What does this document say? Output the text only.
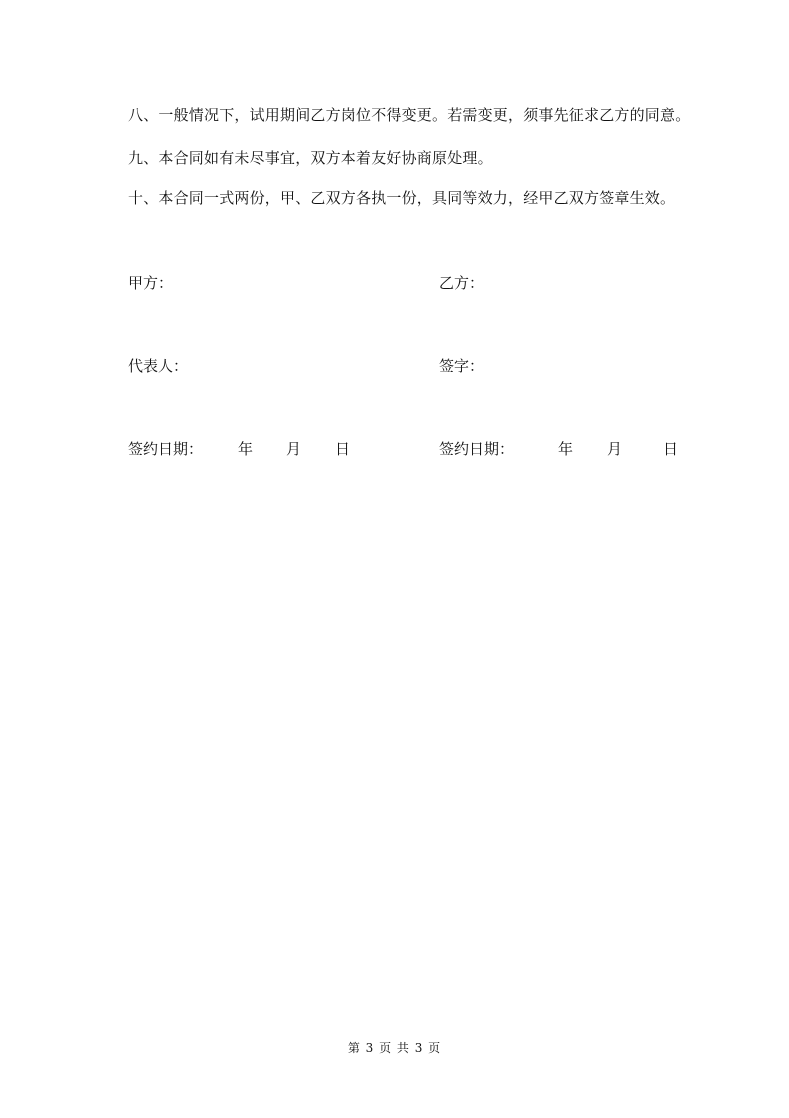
八、一般情况下，试用期间乙方岗位不得变更。若需变更，须事先征求乙方的同意。
九、本合同如有未尽事宜，双方本着友好协商原处理。
十、本合同一式两份，甲、乙双方各执一份，具同等效力，经甲乙双方签章生效。
甲方：	乙方：
代表人：	签字：
签约日期： 年 月 日	签约日期：	年 月	日
第 3 页 共 3 页
